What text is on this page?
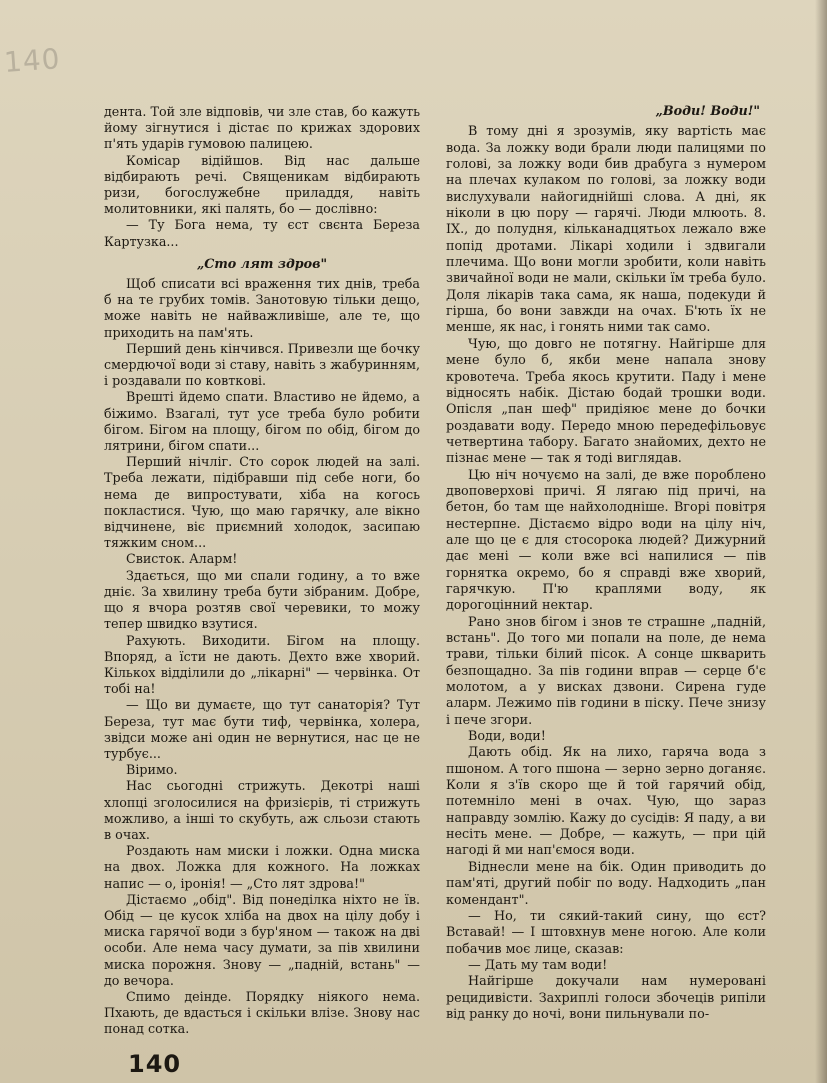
140

дента. Той зле відповів, чи зле став, бо кажуть йому зігнутися і дістає по крижах здорових п'ять ударів гумовою палицею.

Комісар відійшов. Від нас дальше відбирають речі. Священикам відбирають ризи, богослужебне приладдя, навіть молитовники, які палять, бо — дослівно:

— Ту Бога нема, ту єст свєнта Береза Картузка...

„Сто лят здров"

Щоб списати всі враження тих днів, треба б на те грубих томів. Занотовую тільки дещо, може навіть не найважливіше, але те, що приходить на пам'ять.

Перший день кінчився. Привезли ще бочку смердючої води зі ставу, навіть з жабуринням, і роздавали по ковткові.

Врешті йдемо спати. Властиво не йдемо, а біжимо. Взагалі, тут усе треба було робити бігом. Бігом на площу, бігом по обід, бігом до лятрини, бігом спати...

Перший нічліг. Сто сорок людей на залі. Треба лежати, підібравши під себе ноги, бо нема де випростувати, хіба на когось покластися. Чую, що маю гарячку, але вікно відчинене, віє приємний холодок, засипаю тяжким сном...

Свисток. Аларм!

Здається, що ми спали годину, а то вже дніє. За хвилину треба бути зібраним. Добре, що я вчора розтяв свої черевики, то можу тепер швидко взутися.

Рахують. Виходити. Бігом на площу. Впоряд, а їсти не дають. Дехто вже хворий. Кількох відділили до „лікарні" — червінка. От тобі на!

— Що ви думаєте, що тут санаторія? Тут Береза, тут має бути тиф, червінка, холера, звідси може ані один не вернутися, нас це не турбує...

Віримо.

Нас сьогодні стрижуть. Декотрі наші хлопці зголосилися на фризієрів, ті стрижуть можливо, а інші то скубуть, аж сльози стають в очах.

Роздають нам миски і ложки. Одна миска на двох. Ложка для кожного. На ложках напис — о, іронія! — „Сто лят здрова!"

Дістаємо „обід". Від понеділка ніхто не їв. Обід — це кусок хліба на двох на цілу добу і миска гарячої води з бур'яном — також на дві особи. Але нема часу думати, за пів хвилини миска порожня. Знову — „падній, встань" — до вечора.

Спимо деінде. Порядку ніякого нема. Пхають, де вдасться і скільки влізе. Знову нас понад сотка.

„Води! Води!"

В тому дні я зрозумів, яку вартість має вода. За ложку води брали люди палицями по голові, за ложку води бив драбуга з нумером на плечах кулаком по голові, за ложку води вислухували найогиднійші слова. А дні, як ніколи в цю пору — гарячі. Люди млюоть. 8. IX., до полудня, кільканадцятьох лежало вже попід дротами. Лікарі ходили і здвигали плечима. Що вони могли зробити, коли навіть звичайної води не мали, скільки їм треба було. Доля лікарів така сама, як наша, подекуди й гірша, бо вони завжди на очах. Б'ють їх не менше, як нас, і гонять ними так само.

Чую, що довго не потягну. Найгірше для мене було б, якби мене напала знову кровотеча. Треба якось крутити. Паду і мене відносять набік. Дістаю бодай трошки води. Опісля „пан шеф" придіяює мене до бочки роздавати воду. Передо мною передефільовує четвертина табору. Багато знайомих, дехто не пізнає мене — так я тоді виглядав.

Цю ніч ночуємо на залі, де вже пороблено двоповерхові причі. Я лягаю під причі, на бетон, бо там ще найхолодніше. Вгорі повітря нестерпне. Дістаємо відро води на цілу ніч, але що це є для стосорока людей? Дижурний дає мені — коли вже всі напилися — пів горнятка окремо, бо я справді вже хворий, гарячкую. П'ю краплями воду, як дорогоцінний нектар.

Рано знов бігом і знов те страшне „падній, встань". До того ми попали на поле, де нема трави, тільки білий пісок. А сонце шкварить безпощадно. За пів години вправ — серце б'є молотом, а у висках дзвони. Сирена гуде аларм. Лежимо пів години в піску. Пече знизу і пече згори.

Води, води!

Дають обід. Як на лихо, гаряча вода з пшоном. А того пшона — зерно зерно доганяє. Коли я з'їв скоро ще й той гарячий обід, потемніло мені в очах. Чую, що зараз направду зомлію. Кажу до сусідів: Я паду, а ви несіть мене. — Добре, — кажуть, — при цій нагоді й ми нап'ємося води.

Віднесли мене на бік. Один приводить до пам'яті, другий побіг по воду. Надходить „пан комендант".

— Но, ти сякий-такий сину, що єст? Вставай! — І штовхнув мене ногою. Але коли побачив моє лице, сказав:

— Дать му там води!

Найгірше докучали нам нумеровані рецидивісти. Захриплі голоси збочеців рипіли від ранку до ночі, вони пильнували по-

140
